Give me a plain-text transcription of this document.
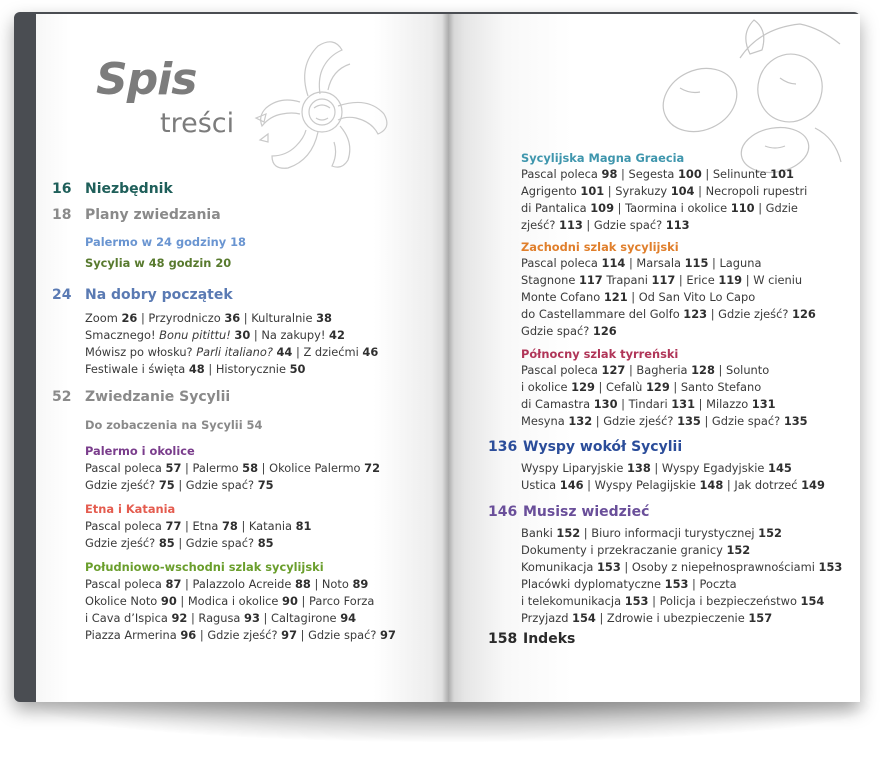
Spis
treści
16 Niezbędnik
18 Plany zwiedzania
Palermo w 24 godziny 18
Sycylia w 48 godzin 20
24 Na dobry początek
Zoom 26 | Przyrodniczo 36 | Kulturalnie 38
Smacznego! Bonu pitittu! 30 | Na zakupy! 42
Mówisz po włosku? Parli italiano? 44 | Z dziećmi 46
Festiwale i święta 48 | Historycznie 50
52 Zwiedzanie Sycylii
Do zobaczenia na Sycylii 54
Palermo i okolice
Pascal poleca 57 | Palermo 58 | Okolice Palermo 72
Gdzie zjeść? 75 | Gdzie spać? 75
Etna i Katania
Pascal poleca 77 | Etna 78 | Katania 81
Gdzie zjeść? 85 | Gdzie spać? 85
Południowo-wschodni szlak sycylijski
Pascal poleca 87 | Palazzolo Acreide 88 | Noto 89
Okolice Noto 90 | Modica i okolice 90 | Parco Forza
i Cava d’Ispica 92 | Ragusa 93 | Caltagirone 94
Piazza Armerina 96 | Gdzie zjeść? 97 | Gdzie spać? 97
Sycylijska Magna Graecia
Pascal poleca 98 | Segesta 100 | Selinunte 101
Agrigento 101 | Syrakuzy 104 | Necropoli rupestri
di Pantalica 109 | Taormina i okolice 110 | Gdzie
zjeść? 113 | Gdzie spać? 113
Zachodni szlak sycylijski
Pascal poleca 114 | Marsala 115 | Laguna
Stagnone 117 Trapani 117 | Erice 119 | W cieniu
Monte Cofano 121 | Od San Vito Lo Capo
do Castellammare del Golfo 123 | Gdzie zjeść? 126
Gdzie spać? 126
Północny szlak tyrreński
Pascal poleca 127 | Bagheria 128 | Solunto
i okolice 129 | Cefalù 129 | Santo Stefano
di Camastra 130 | Tindari 131 | Milazzo 131
Mesyna 132 | Gdzie zjeść? 135 | Gdzie spać? 135
136 Wyspy wokół Sycylii
Wyspy Liparyjskie 138 | Wyspy Egadyjskie 145
Ustica 146 | Wyspy Pelagijskie 148 | Jak dotrzeć 149
146 Musisz wiedzieć
Banki 152 | Biuro informacji turystycznej 152
Dokumenty i przekraczanie granicy 152
Komunikacja 153 | Osoby z niepełnosprawnościami 153
Placówki dyplomatyczne 153 | Poczta
i telekomunikacja 153 | Policja i bezpieczeństwo 154
Przyjazd 154 | Zdrowie i ubezpieczenie 157
158 Indeks
